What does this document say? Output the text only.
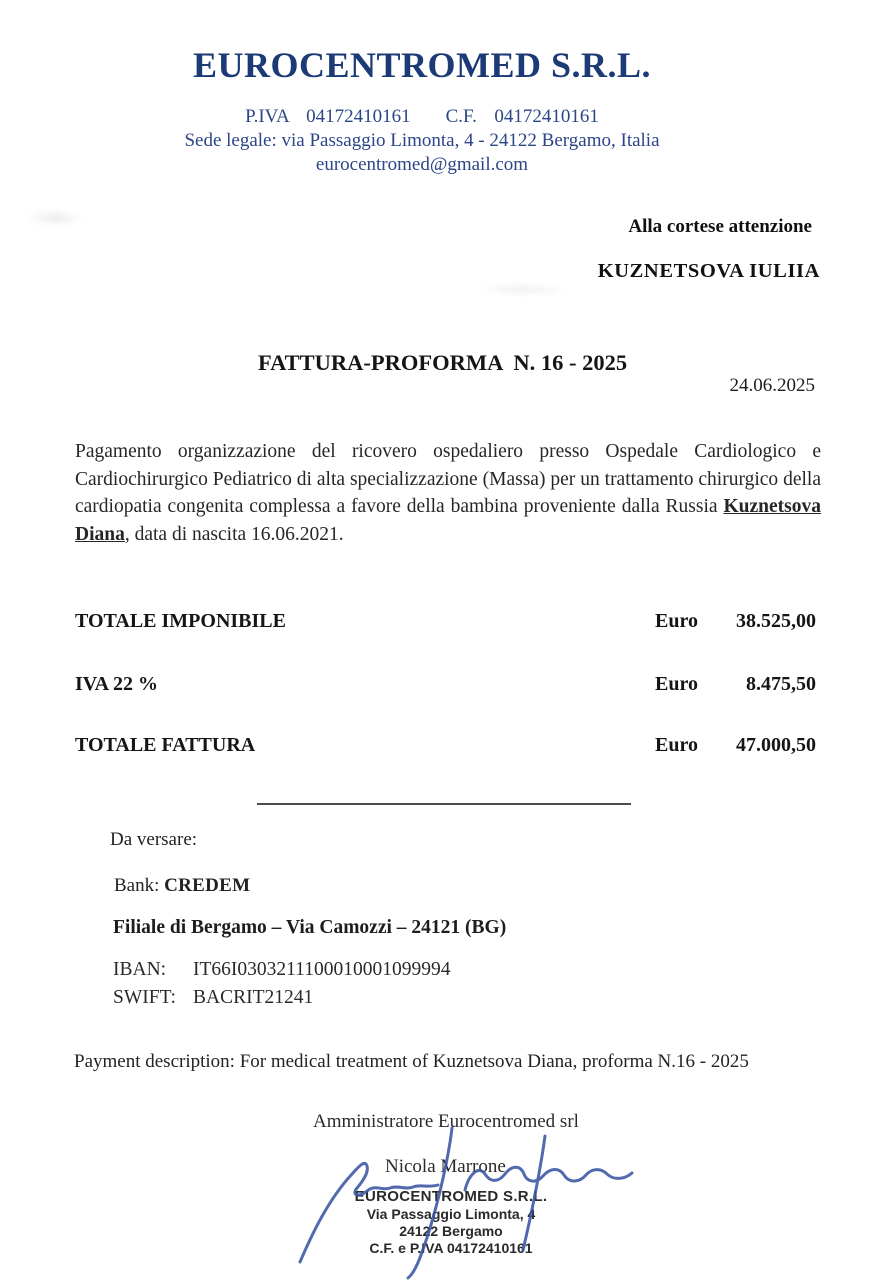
EUROCENTROMED S.R.L.
P.IVA  04172410161    C.F.  04172410161
Sede legale: via Passaggio Limonta, 4 - 24122 Bergamo, Italia
eurocentromed@gmail.com
Alla cortese attenzione
KUZNETSOVA IULIIA
FATTURA-PROFORMA  N. 16 - 2025
24.06.2025
Pagamento organizzazione del ricovero ospedaliero presso Ospedale Cardiologico e Cardiochirurgico Pediatrico di alta specializzazione (Massa) per un trattamento chirurgico della cardiopatia congenita complessa a favore della bambina proveniente dalla Russia Kuznetsova Diana, data di nascita 16.06.2021.
TOTALE IMPONIBILE	Euro 38.525,00
IVA 22 %	Euro 8.475,50
TOTALE FATTURA	Euro 47.000,50
Da versare:
Bank: CREDEM
Filiale di Bergamo – Via Camozzi – 24121 (BG)
IBAN: IT66I0303211100010001099994
SWIFT: BACRIT21241
Payment description: For medical treatment of Kuznetsova Diana, proforma N.16 - 2025
Amministratore Eurocentromed srl
Nicola Marrone
EUROCENTROMED S.R.L.
Via Passaggio Limonta, 4
24122 Bergamo
C.F. e P.IVA 04172410161
